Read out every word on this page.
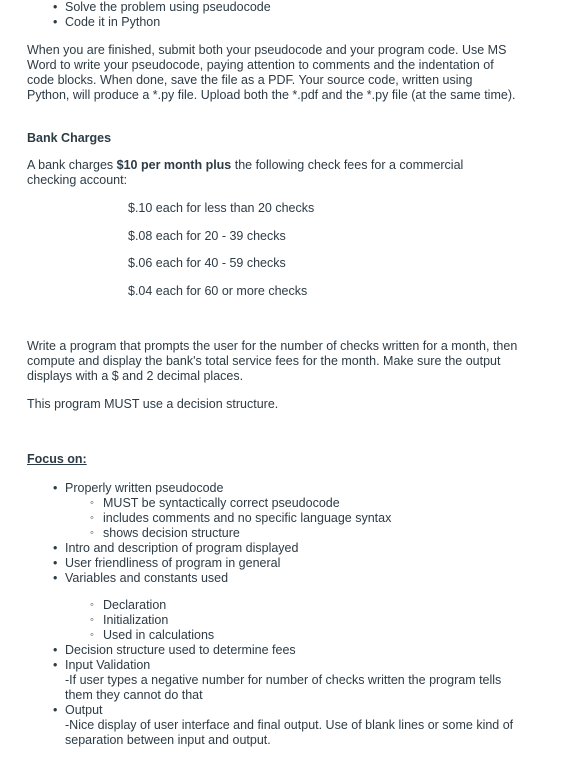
• Solve the problem using pseudocode
• Code it in Python

When you are finished, submit both your pseudocode and your program code. Use MS Word to write your pseudocode, paying attention to comments and the indentation of code blocks. When done, save the file as a PDF. Your source code, written using Python, will produce a *.py file. Upload both the *.pdf and the *.py file (at the same time).

Bank Charges

A bank charges $10 per month plus the following check fees for a commercial checking account:

$.10 each for less than 20 checks
$.08 each for 20 - 39 checks
$.06 each for 40 - 59 checks
$.04 each for 60 or more checks

Write a program that prompts the user for the number of checks written for a month, then compute and display the bank's total service fees for the month. Make sure the output displays with a $ and 2 decimal places.

This program MUST use a decision structure.

Focus on:
• Properly written pseudocode
◦ MUST be syntactically correct pseudocode
◦ includes comments and no specific language syntax
◦ shows decision structure
• Intro and description of program displayed
• User friendliness of program in general
• Variables and constants used
◦ Declaration
◦ Initialization
◦ Used in calculations
• Decision structure used to determine fees
• Input Validation
-If user types a negative number for number of checks written the program tells them they cannot do that
• Output
-Nice display of user interface and final output. Use of blank lines or some kind of separation between input and output.
